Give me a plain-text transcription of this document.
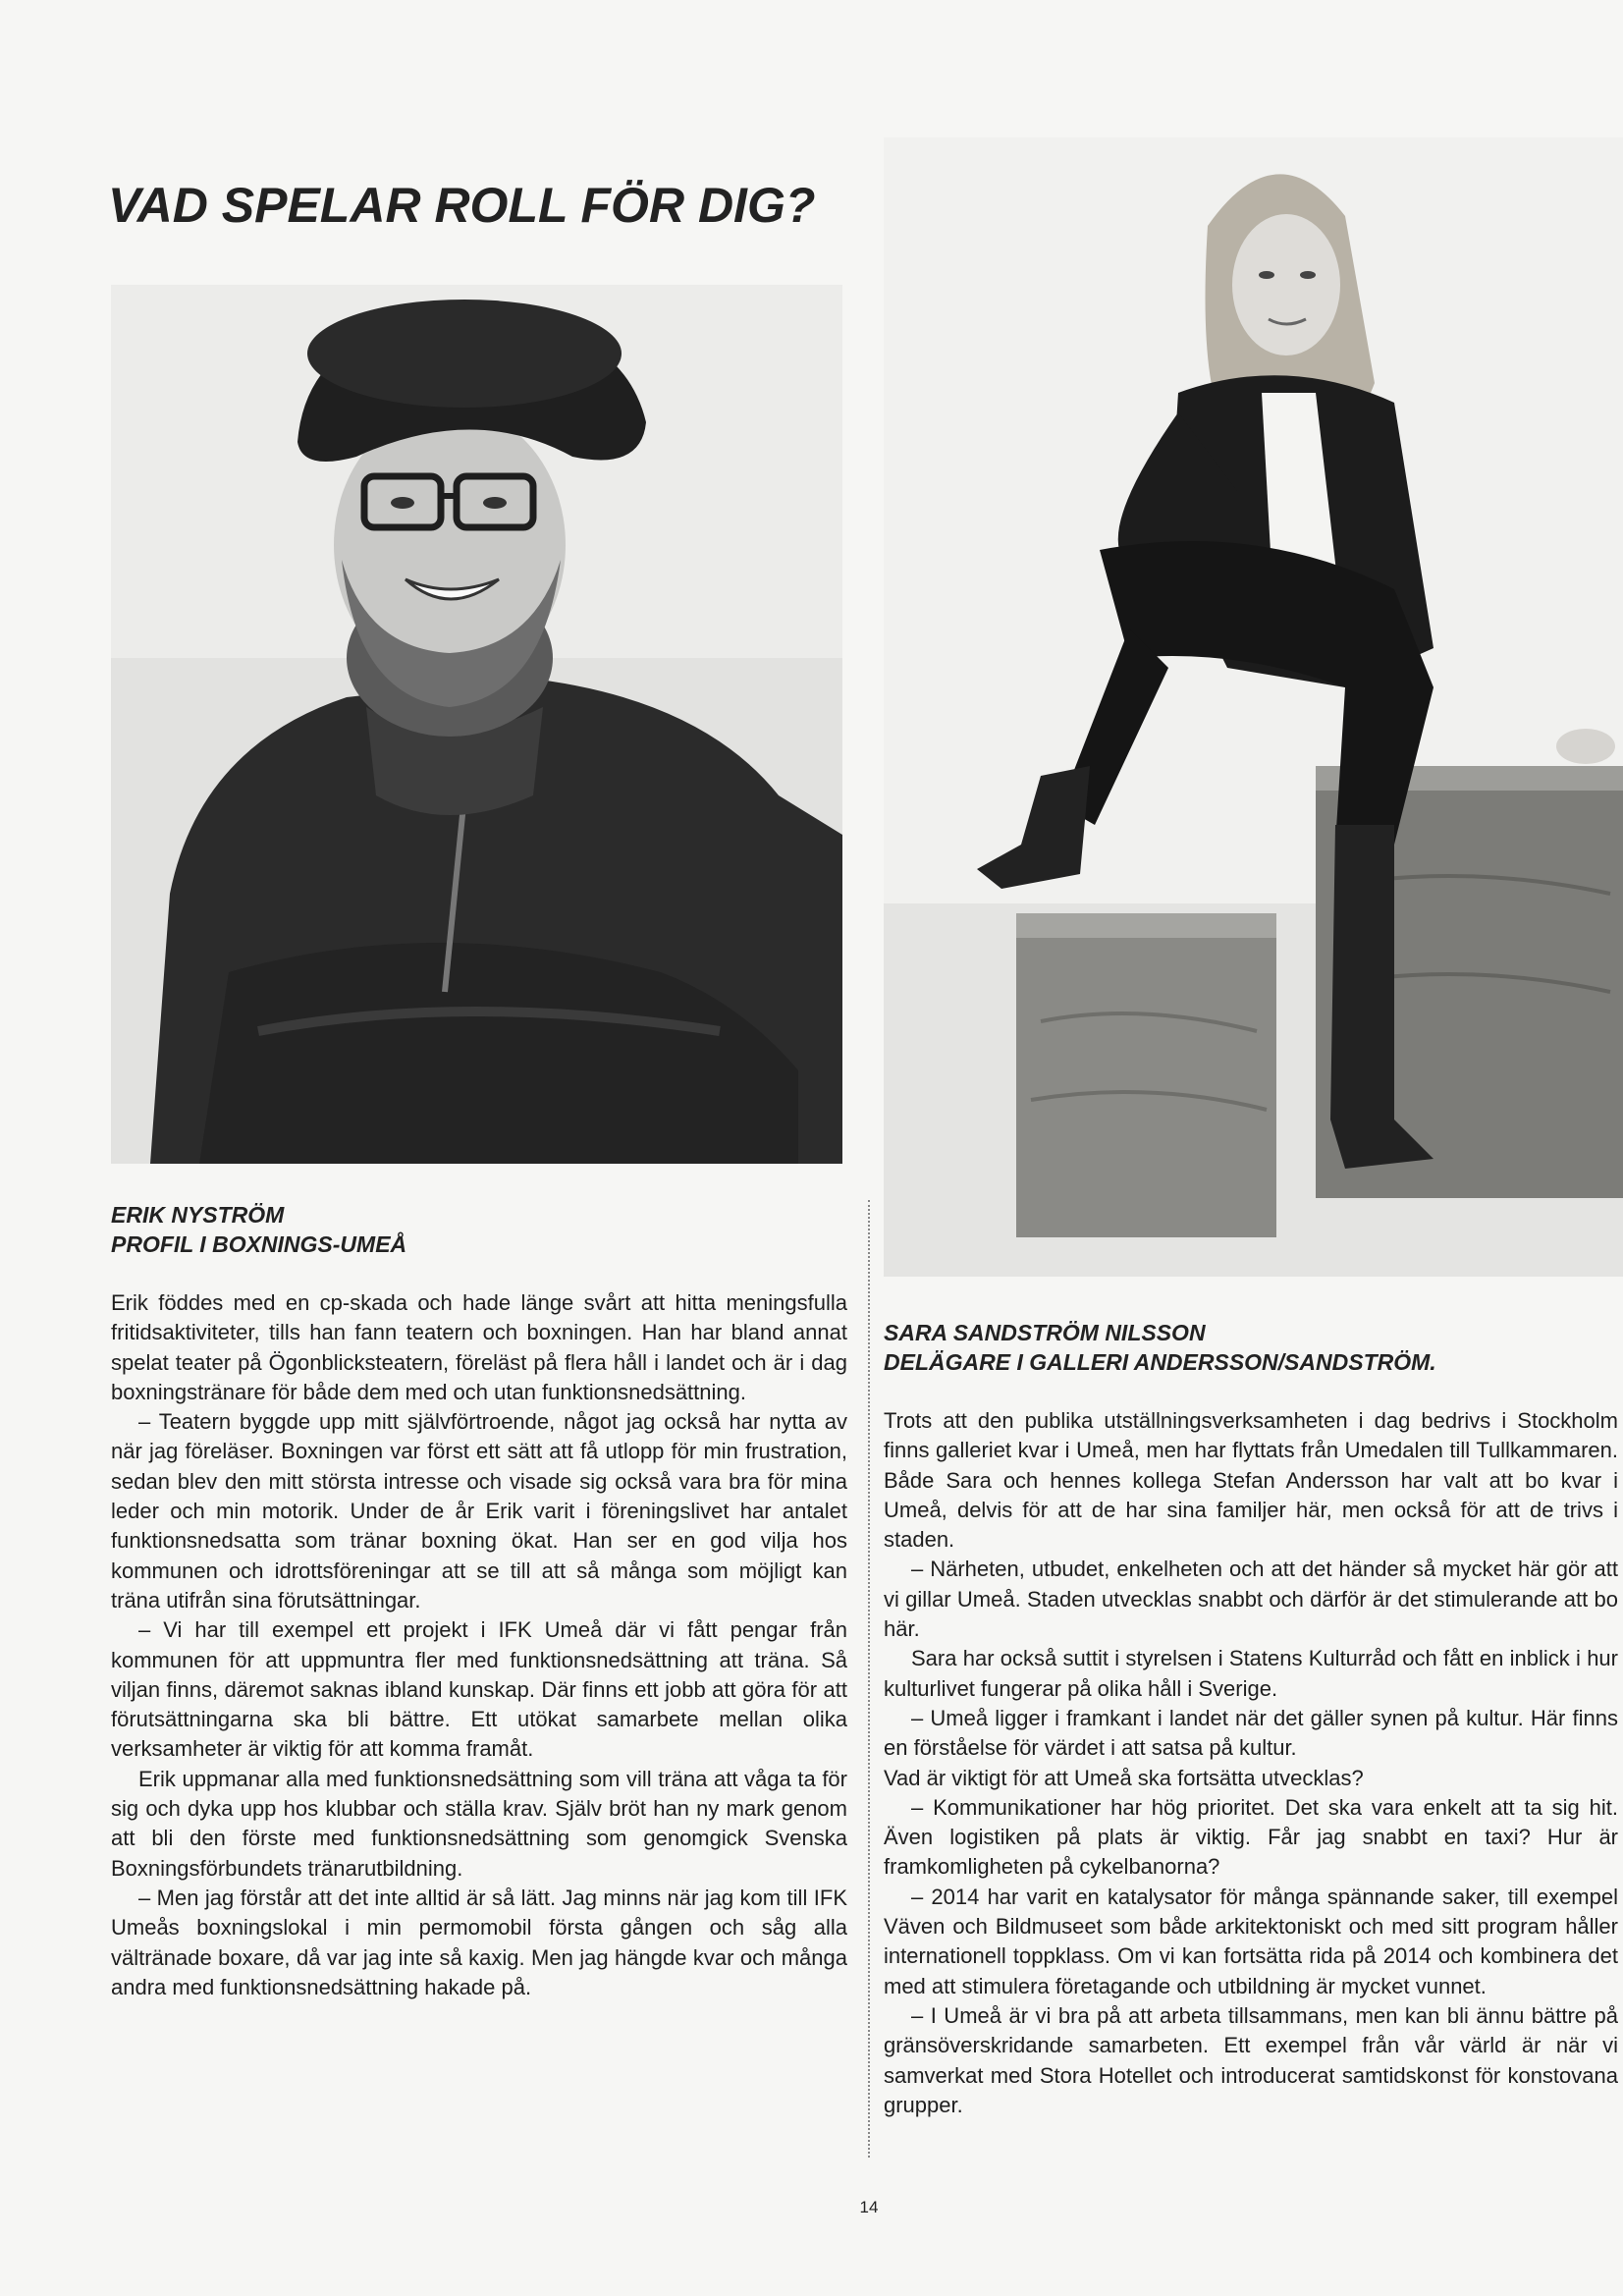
VAD SPELAR ROLL FÖR DIG?
ERIK NYSTRÖM
PROFIL I BOXNINGS-UMEÅ

Erik föddes med en cp-skada och hade länge svårt att hitta meningsfulla fritidsaktiviteter, tills han fann teatern och boxningen. Han har bland annat spelat teater på Ögonblicksteatern, föreläst på flera håll i landet och är i dag boxningstränare för både dem med och utan funktionsnedsättning.

– Teatern byggde upp mitt självförtroende, något jag också har nytta av när jag föreläser. Boxningen var först ett sätt att få utlopp för min frustration, sedan blev den mitt största intresse och visade sig också vara bra för mina leder och min motorik. Under de år Erik varit i föreningslivet har antalet funktionsnedsatta som tränar boxning ökat. Han ser en god vilja hos kommunen och idrottsföreningar att se till att så många som möjligt kan träna utifrån sina förutsättningar.

– Vi har till exempel ett projekt i IFK Umeå där vi fått pengar från kommunen för att uppmuntra fler med funktionsnedsättning att träna. Så viljan finns, däremot saknas ibland kunskap. Där finns ett jobb att göra för att förutsättningarna ska bli bättre. Ett utökat samarbete mellan olika verksamheter är viktig för att komma framåt.

Erik uppmanar alla med funktionsnedsättning som vill träna att våga ta för sig och dyka upp hos klubbar och ställa krav. Själv bröt han ny mark genom att bli den förste med funktionsnedsättning som genomgick Svenska Boxningsförbundets tränarutbildning.

– Men jag förstår att det inte alltid är så lätt. Jag minns när jag kom till IFK Umeås boxningslokal i min permomobil första gången och såg alla vältränade boxare, då var jag inte så kaxig. Men jag hängde kvar och många andra med funktionsnedsättning hakade på.

SARA SANDSTRÖM NILSSON
DELÄGARE I GALLERI ANDERSSON/SANDSTRÖM.

Trots att den publika utställningsverksamheten i dag bedrivs i Stockholm finns galleriet kvar i Umeå, men har flyttats från Umedalen till Tullkammaren. Både Sara och hennes kollega Stefan Andersson har valt att bo kvar i Umeå, delvis för att de har sina familjer här, men också för att de trivs i staden.

– Närheten, utbudet, enkelheten och att det händer så mycket här gör att vi gillar Umeå. Staden utvecklas snabbt och därför är det stimulerande att bo här.

Sara har också suttit i styrelsen i Statens Kulturråd och fått en inblick i hur kulturlivet fungerar på olika håll i Sverige.

– Umeå ligger i framkant i landet när det gäller synen på kultur. Här finns en förståelse för värdet i att satsa på kultur.

Vad är viktigt för att Umeå ska fortsätta utvecklas?

– Kommunikationer har hög prioritet. Det ska vara enkelt att ta sig hit. Även logistiken på plats är viktig. Får jag snabbt en taxi? Hur är framkomligheten på cykelbanorna?

– 2014 har varit en katalysator för många spännande saker, till exempel Väven och Bildmuseet som både arkitektoniskt och med sitt program håller internationell toppklass. Om vi kan fortsätta rida på 2014 och kombinera det med att stimulera företagande och utbildning är mycket vunnet.

– I Umeå är vi bra på att arbeta tillsammans, men kan bli ännu bättre på gränsöverskridande samarbeten. Ett exempel från vår värld är när vi samverkat med Stora Hotellet och introducerat samtidskonst för konstovana grupper.

14
